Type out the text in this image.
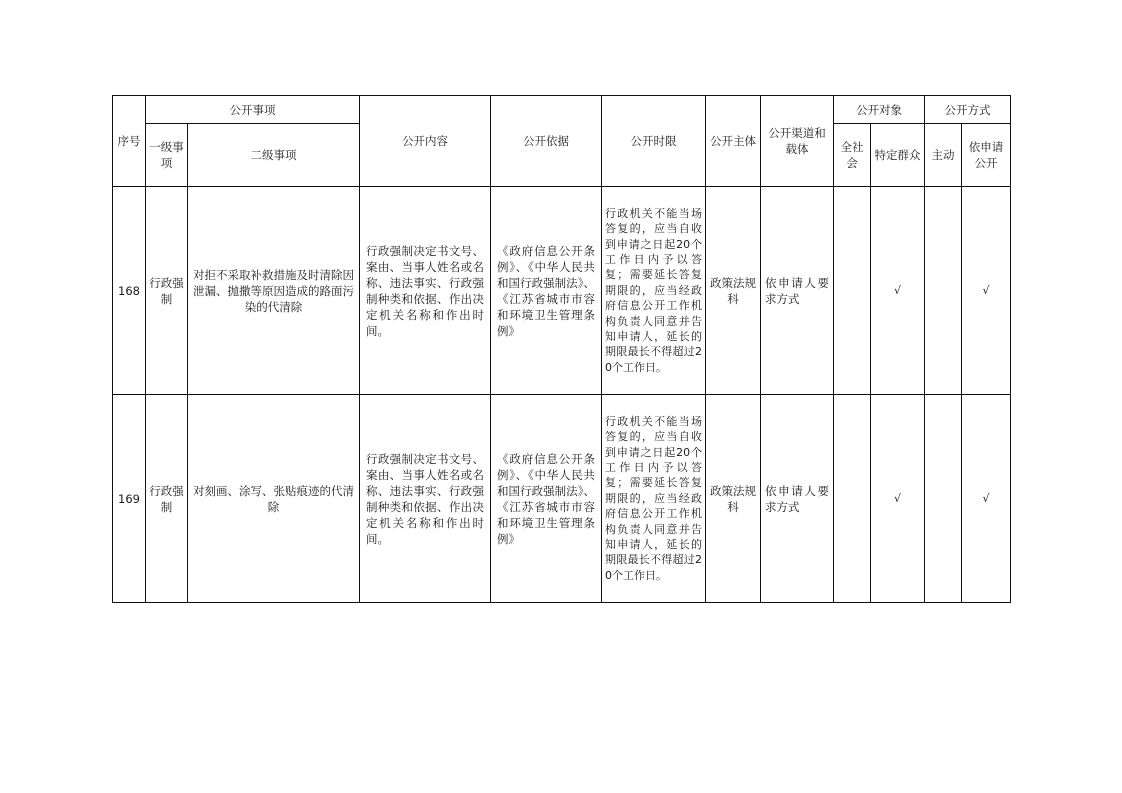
序号	公开事项		公开内容	公开依据	公开时限	公开主体	公开渠道和载体	公开对象		公开方式	
	一级事项	二级事项						全社会	特定群众	主动	依申请公开
168	行政强制	对拒不采取补救措施及时清除因泄漏、抛撒等原因造成的路面污染的代清除	行政强制决定书文号、案由、当事人姓名或名称、违法事实、行政强制种类和依据、作出决定机关名称和作出时间。	《政府信息公开条例》、《中华人民共和国行政强制法》、《江苏省城市市容和环境卫生管理条例》	行政机关不能当场答复的，应当自收到申请之日起20个工作日内予以答复；需要延长答复期限的，应当经政府信息公开工作机构负责人同意并告知申请人，延长的期限最长不得超过20个工作日。	政策法规科	依申请人要求方式		√		√
169	行政强制	对刻画、涂写、张贴痕迹的代清除	行政强制决定书文号、案由、当事人姓名或名称、违法事实、行政强制种类和依据、作出决定机关名称和作出时间。	《政府信息公开条例》、《中华人民共和国行政强制法》、《江苏省城市市容和环境卫生管理条例》	行政机关不能当场答复的，应当自收到申请之日起20个工作日内予以答复；需要延长答复期限的，应当经政府信息公开工作机构负责人同意并告知申请人，延长的期限最长不得超过20个工作日。	政策法规科	依申请人要求方式		√		√
